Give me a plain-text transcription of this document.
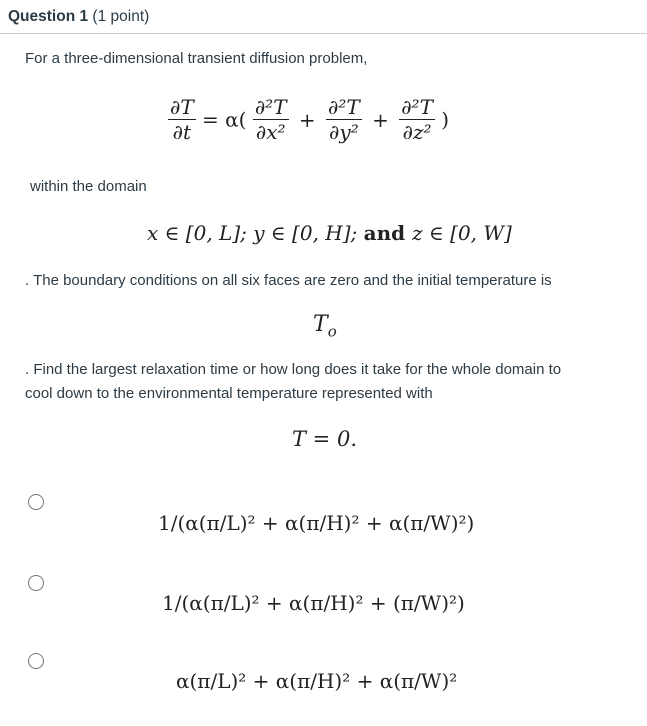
Question 1 (1 point)
For a three-dimensional transient diffusion problem,
$\frac{\partial T}{\partial t} = \alpha( \frac{\text{∂²T}}{\text{∂x²}} + \frac{\text{∂²T}}{\text{∂y²}} + \frac{\text{∂²T}}{\text{∂z²}}$ )
within the domain
x ∈ [0, L]; y ∈ [0, H]; and z ∈ [0, W]
. The boundary conditions on all six faces are zero and the initial temperature is
$T_o$
. Find the largest relaxation time or how long does it take for the whole domain to
cool down to the environmental temperature represented with
T = 0.
1/(α(π/L)² + α(π/H)² + α(π/W)²)
1/(α(π/L)² + α(π/H)² + (π/W)²)
α(π/L)² + α(π/H)² + α(π/W)²
